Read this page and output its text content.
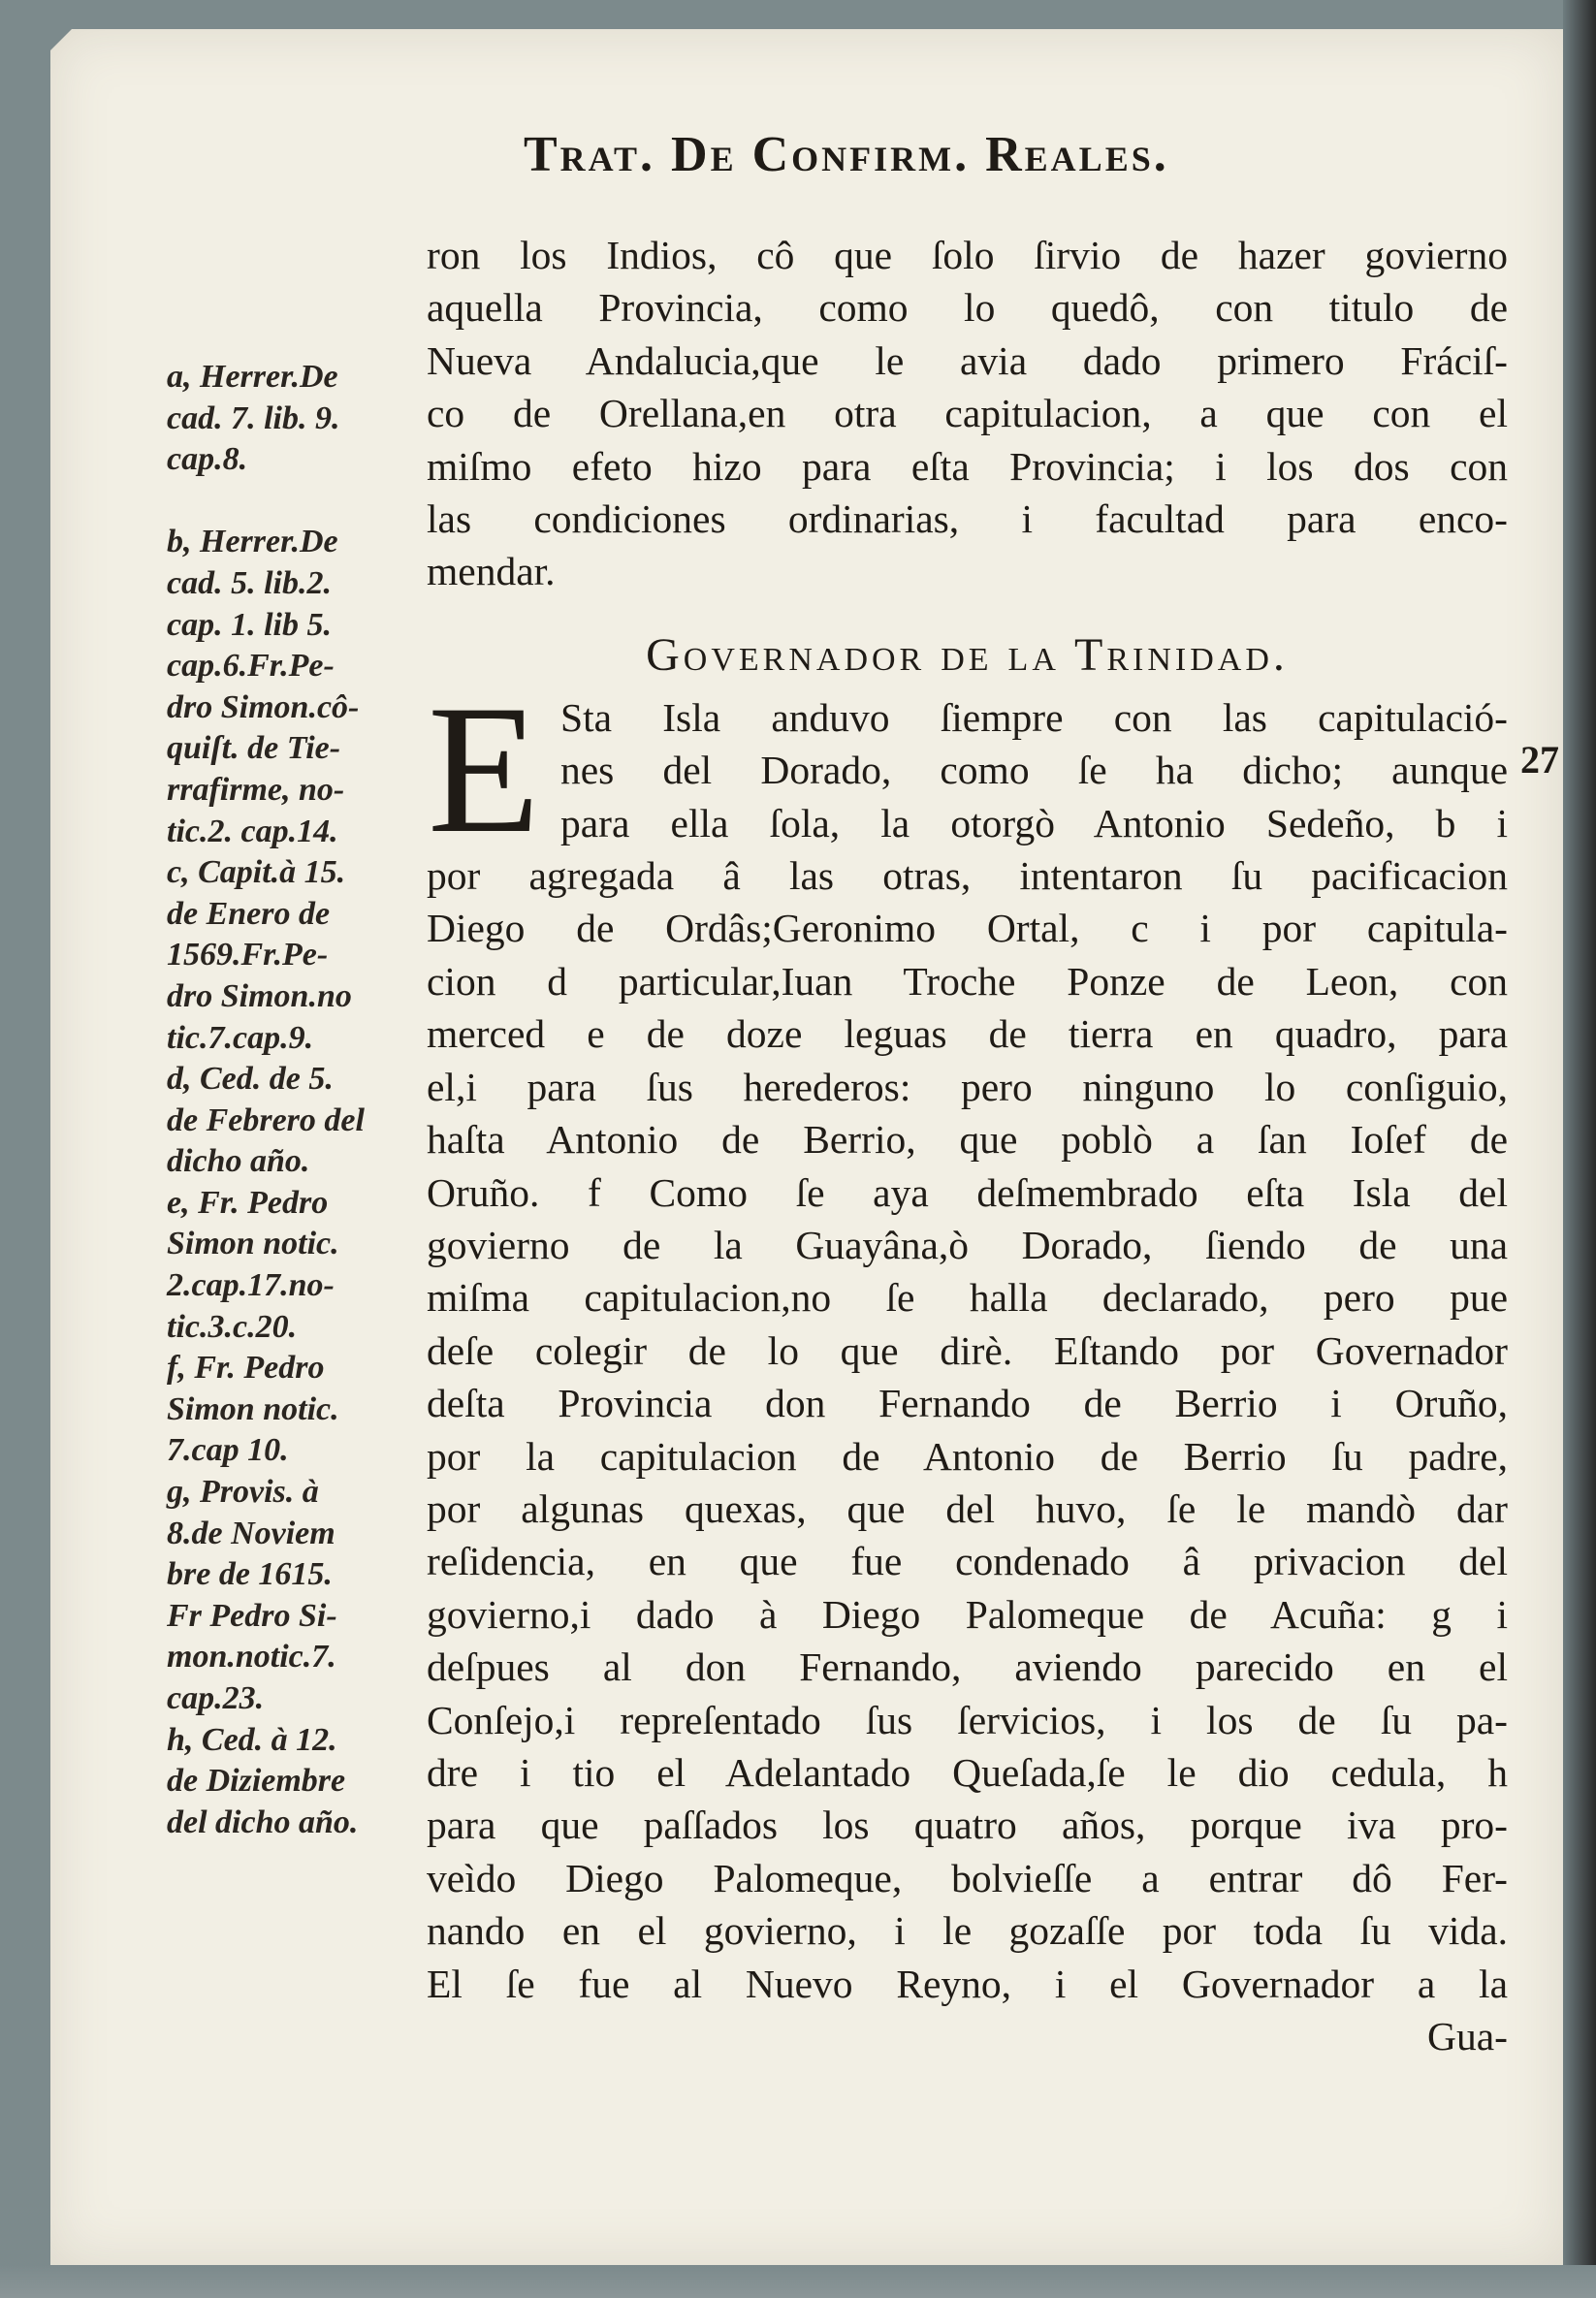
Trat. De Confirm. Reales.
27
a, Herrer.De
cad. 7. lib. 9.
cap.8.

b, Herrer.De
cad. 5. lib.2.
cap. 1. lib 5.
cap.6.Fr.Pe-
dro Simon.cô-
quiſt. de Tie-
rrafirme, no-
tic.2. cap.14.
c, Capit.à 15.
de Enero de
1569.Fr.Pe-
dro Simon.no
tic.7.cap.9.
d, Ced. de 5.
de Febrero del
dicho año.
e, Fr. Pedro
Simon notic.
2.cap.17.no-
tic.3.c.20.
f, Fr. Pedro
Simon notic.
7.cap 10.
g, Provis. à
8.de Noviem
bre de 1615.
Fr Pedro Si-
mon.notic.7.
cap.23.
h, Ced. à 12.
de Diziembre
del dicho año.
ron los Indios, cô que ſolo ſirvio de hazer govierno
aquella Provincia, como lo quedô, con titulo de
Nueva Andalucia,que le avia dado primero Fráciſ-
co de Orellana,en otra capitulacion, a que con el
miſmo efeto hizo para eſta Provincia; i los dos con
las condiciones ordinarias, i facultad para enco-
mendar.
Governador de la Trinidad.
E Sta Isla anduvo ſiempre con las capitulació-
nes del Dorado, como ſe ha dicho; aunque
para ella ſola, la otorgò Antonio Sedeño, b i
por agregada â las otras, intentaron ſu pacificacion
Diego de Ordâs;Geronimo Ortal, c i por capitula-
cion d particular,Iuan Troche Ponze de Leon, con
merced e de doze leguas de tierra en quadro, para
el,i para ſus herederos: pero ninguno lo conſiguio,
haſta Antonio de Berrio, que poblò a ſan Ioſef de
Oruño. f Como ſe aya deſmembrado eſta Isla del
govierno de la Guayâna,ò Dorado, ſiendo de una
miſma capitulacion,no ſe halla declarado, pero pue
deſe colegir de lo que dirè. Eſtando por Governador
deſta Provincia don Fernando de Berrio i Oruño,
por la capitulacion de Antonio de Berrio ſu padre,
por algunas quexas, que del huvo, ſe le mandò dar
reſidencia, en que fue condenado â privacion del
govierno,i dado à Diego Palomeque de Acuña: g i
deſpues al don Fernando, aviendo parecido en el
Conſejo,i repreſentado ſus ſervicios, i los de ſu pa-
dre i tio el Adelantado Queſada,ſe le dio cedula, h
para que paſſados los quatro años, porque iva pro-
veìdo Diego Palomeque, bolvieſſe a entrar dô Fer-
nando en el govierno, i le gozaſſe por toda ſu vida.
El ſe fue al Nuevo Reyno, i el Governador a la
Gua-
